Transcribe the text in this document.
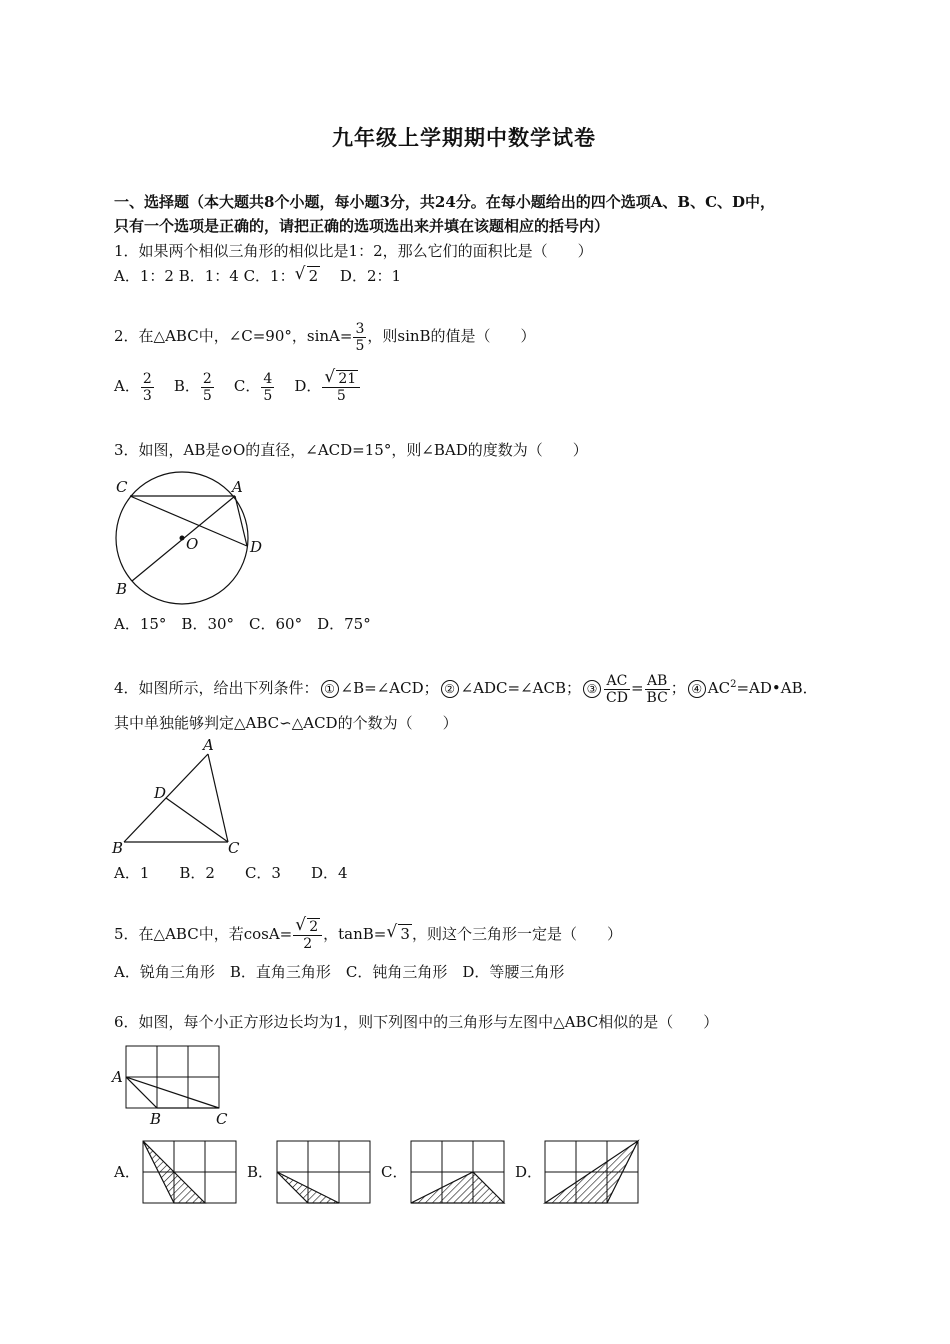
九年级上学期期中数学试卷
一、选择题（本大题共8个小题，每小题3分，共24分。在每小题给出的四个选项A、B、C、D中，
只有一个选项是正确的，请把正确的选项选出来并填在该题相应的括号内）
1．如果两个相似三角形的相似比是1：2，那么它们的面积比是（　　）
A．1：2 B．1：4 C．1： √ 2　 D．2：1
2．在△ABC中，∠C=90°，$\sin A= \frac{3}{5}$ ，则sinB的值是（　　）
A． $\frac{2}{3}$ B． $\frac{2}{5}$ C． $\frac{4}{5}$ D． √ $\frac{21}{5}$
3．如图，AB是⊙O的直径，∠ACD=15°，则∠BAD的度数为（　　）
C	A
O	D
B
A．15°　B．30°　C．60°　D．75°
4．如图所示，给出下列条件： ① ∠B=∠ACD； ② ∠ADC=∠ACB； ③ $\frac{AC}{CD} = \frac{AB}{BC}$ ； ④ $AC^2=AD•AB$．
其中单独能够判定△ABC∽△ACD的个数为（　　）
A
D
B	C
A．1　　B．2　　C．3　　D．4
5．在△ABC中，若cosA= √ $\frac{2}{2}$ ，tanB= √ 3 ，则这个三角形一定是（　　）
A．锐角三角形　B．直角三角形　C．钝角三角形　D．等腰三角形
6．如图，每个小正方形边长均为1，则下列图中的三角形与左图中△ABC相似的是（　　）
A
B	C
A．	B．	C．	D．
